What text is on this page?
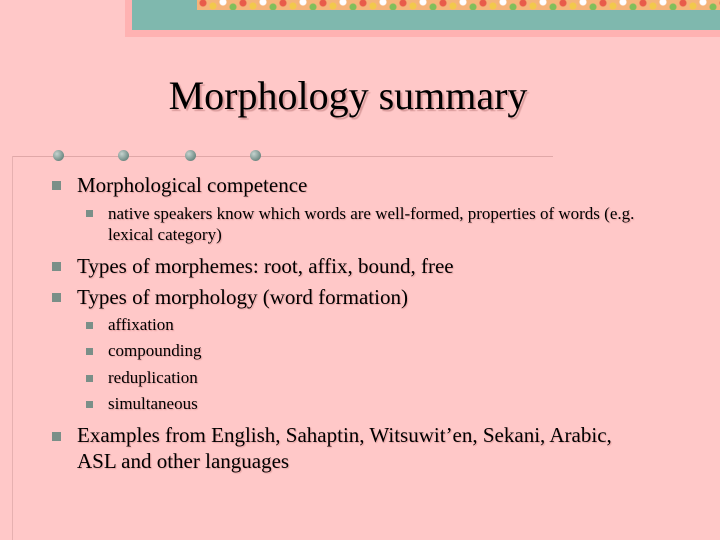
Morphology summary
Morphological competence
native speakers know which words are well-formed, properties of words (e.g. lexical category)
Types of morphemes: root, affix, bound, free
Types of morphology (word formation)
affixation
compounding
reduplication
simultaneous
Examples from English, Sahaptin, Witsuwit’en, Sekani, Arabic, ASL and other languages
